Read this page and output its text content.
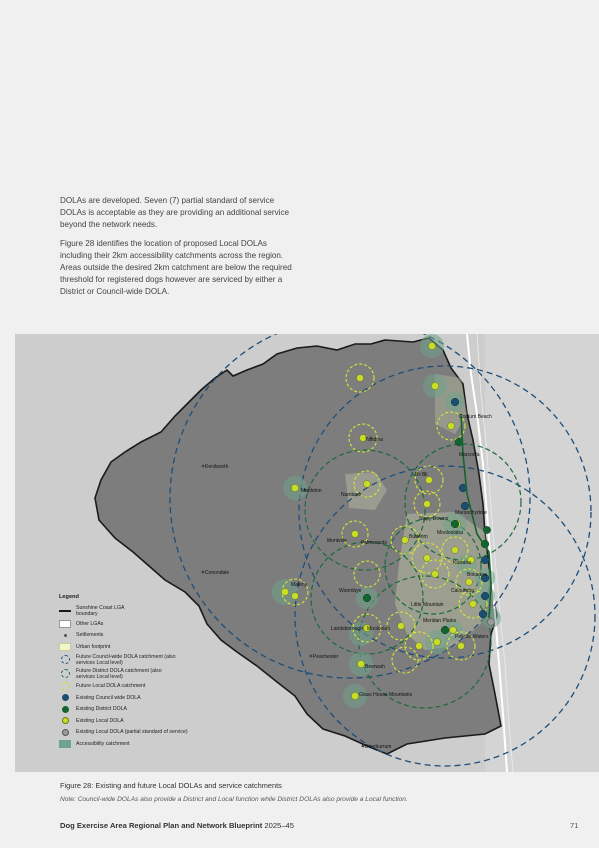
DOLAs are developed. Seven (7) partial standard of service DOLAs is acceptable as they are providing an additional service beyond the network needs.

Figure 28 identifies the location of proposed Local DOLAs including their 2km accessibility catchments across the region. Areas outside the desired 2km catchment are below the required threshold for registered dogs however are serviced by either a District or Council-wide DOLA.

Coolum Beach
Yandina
Kenilworth
Mapleton
Nambour
Marcoola
Maroochydore
Montville	Palmwoods
Buderim
Mooloolaba
Kawana
Maleny
Conondale
Woombye
Landsborough Mooloolah
Caloundra
Peachester
Beerwah
Glass House Mountains
Beerburrum
Sippy Downs
Bli Bli
Bokarina
Little Mountain
Meridan Plains
Pelican Waters
Legend
Sunshine Coast LGA boundary
Other LGAs
Settlements
Urban footprint
Future Council-wide DOLA catchment (also services Local level)
Future District DOLA catchment (also services Local level)
Future Local DOLA catchment
Existing Council wide DOLA
Existing District DOLA
Existing Local DOLA
Existing Local DOLA (partial standard of service)
Accessibility catchment
Figure 28: Existing and future Local DOLAs and service catchments
Note: Council-wide DOLAs also provide a District and Local function while District DOLAs also provide a Local function.
Dog Exercise Area Regional Plan and Network Blueprint 2025–45	71
